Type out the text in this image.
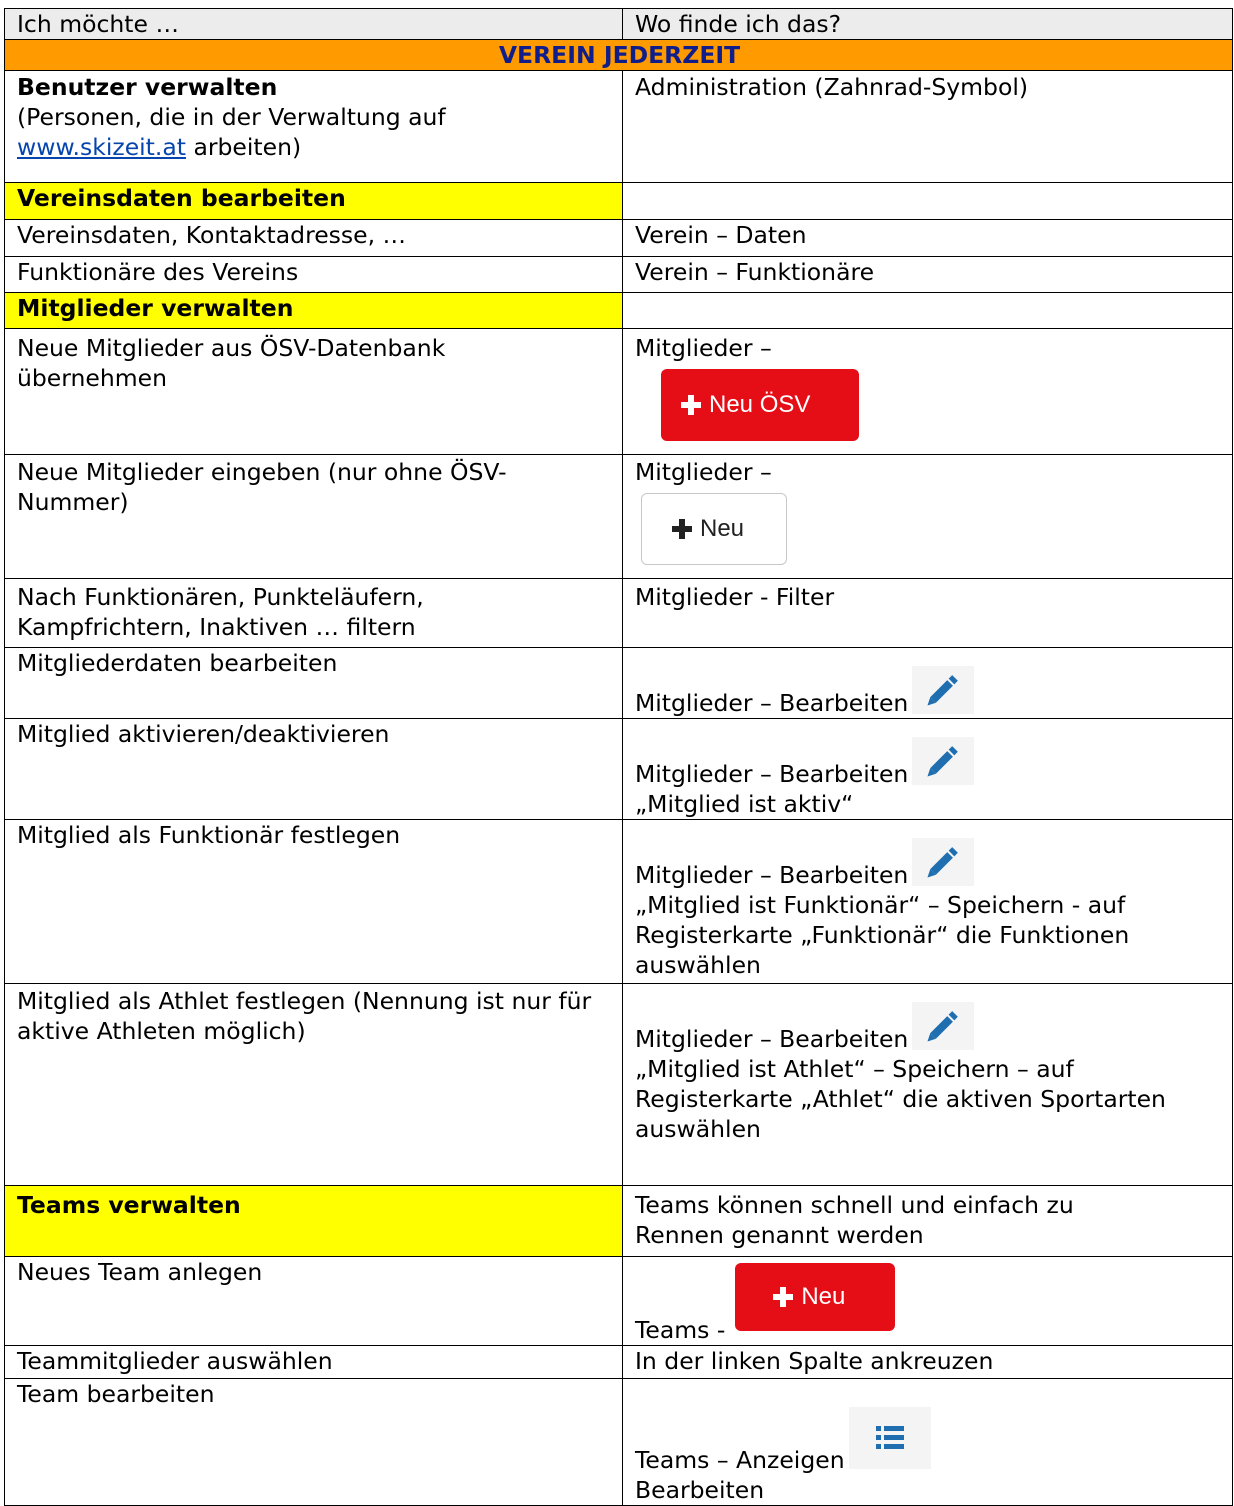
Ich möchte …	Wo finde ich das?
VEREIN JEDERZEIT	

Benutzer verwalten
(Personen, die in der Verwaltung auf
www.skizeit.at arbeiten)	Administration (Zahnrad-Symbol)

Vereinsdaten bearbeiten	
Vereinsdaten, Kontaktadresse, …	Verein – Daten
Funktionäre des Vereins	Verein – Funktionäre
Mitglieder verwalten	

Neue Mitglieder aus ÖSV-Datenbank übernehmen	Mitglieder –
Neu ÖSV

Neue Mitglieder eingeben (nur ohne ÖSV-Nummer)	Mitglieder –
Neu

Nach Funktionären, Punkteläufern, Kampfrichtern, Inaktiven … filtern	Mitglieder - Filter

Mitgliederdaten bearbeiten	Mitglieder – Bearbeiten

Mitglied aktivieren/deaktivieren	Mitglieder – Bearbeiten
„Mitglied ist aktiv“

Mitglied als Funktionär festlegen	Mitglieder – Bearbeiten
„Mitglied ist Funktionär“ – Speichern - auf Registerkarte „Funktionär“ die Funktionen auswählen

Mitglied als Athlet festlegen (Nennung ist nur für aktive Athleten möglich)	Mitglieder – Bearbeiten
„Mitglied ist Athlet“ – Speichern – auf Registerkarte „Athlet“ die aktiven Sportarten auswählen

Teams verwalten	Teams können schnell und einfach zu Rennen genannt werden

Neues Team anlegen	Teams -
Neu

Teammitglieder auswählen	In der linken Spalte ankreuzen
Team bearbeiten	Teams – Anzeigen
Bearbeiten
